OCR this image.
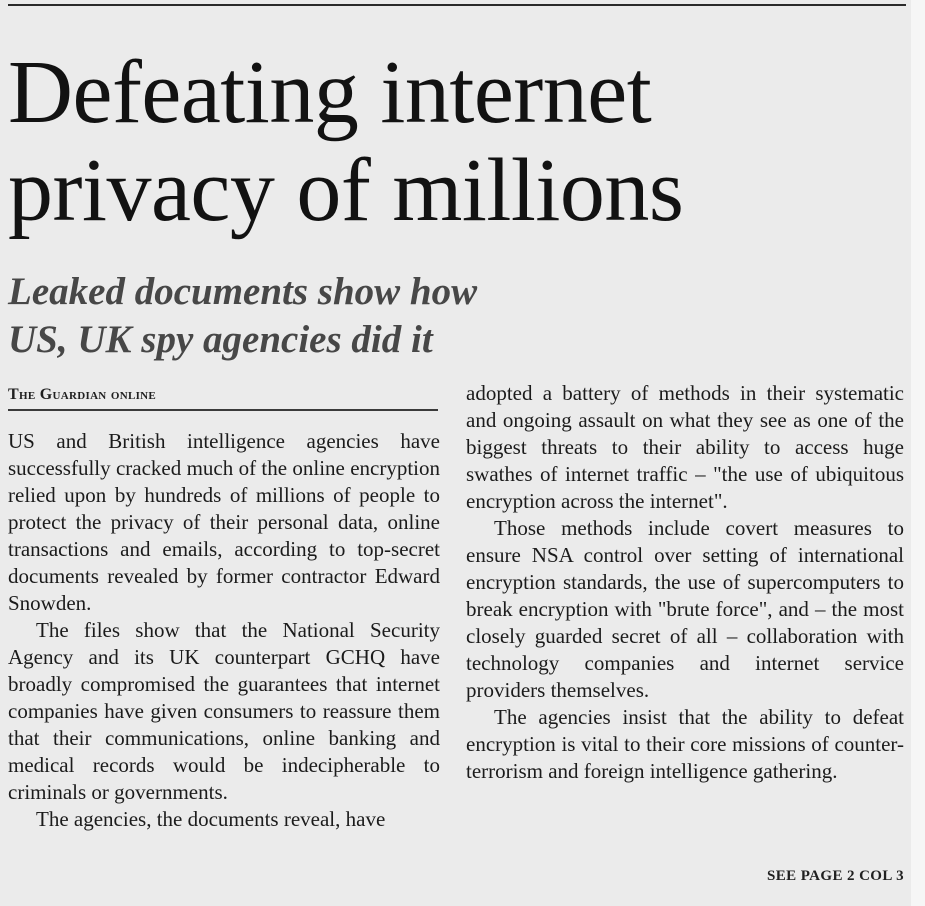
Defeating internet
privacy of millions
Leaked documents show how
US, UK spy agencies did it
The Guardian online

US and British intelligence agencies have successfully cracked much of the online encryption relied upon by hundreds of millions of people to protect the privacy of their personal data, online transactions and emails, according to top-secret documents revealed by former contractor Edward Snowden.

The files show that the National Security Agency and its UK counterpart GCHQ have broadly compromised the guarantees that internet companies have given consumers to reassure them that their communications, online banking and medical records would be indecipherable to criminals or governments.

The agencies, the documents reveal, have

adopted a battery of methods in their systematic and ongoing assault on what they see as one of the biggest threats to their ability to access huge swathes of internet traffic – "the use of ubiquitous encryption across the internet".

Those methods include covert measures to ensure NSA control over setting of international encryption standards, the use of supercomputers to break encryption with "brute force", and – the most closely guarded secret of all – collaboration with technology companies and internet service providers themselves.

The agencies insist that the ability to defeat encryption is vital to their core missions of counter-terrorism and foreign intelligence gathering.

SEE PAGE 2 COL 3
